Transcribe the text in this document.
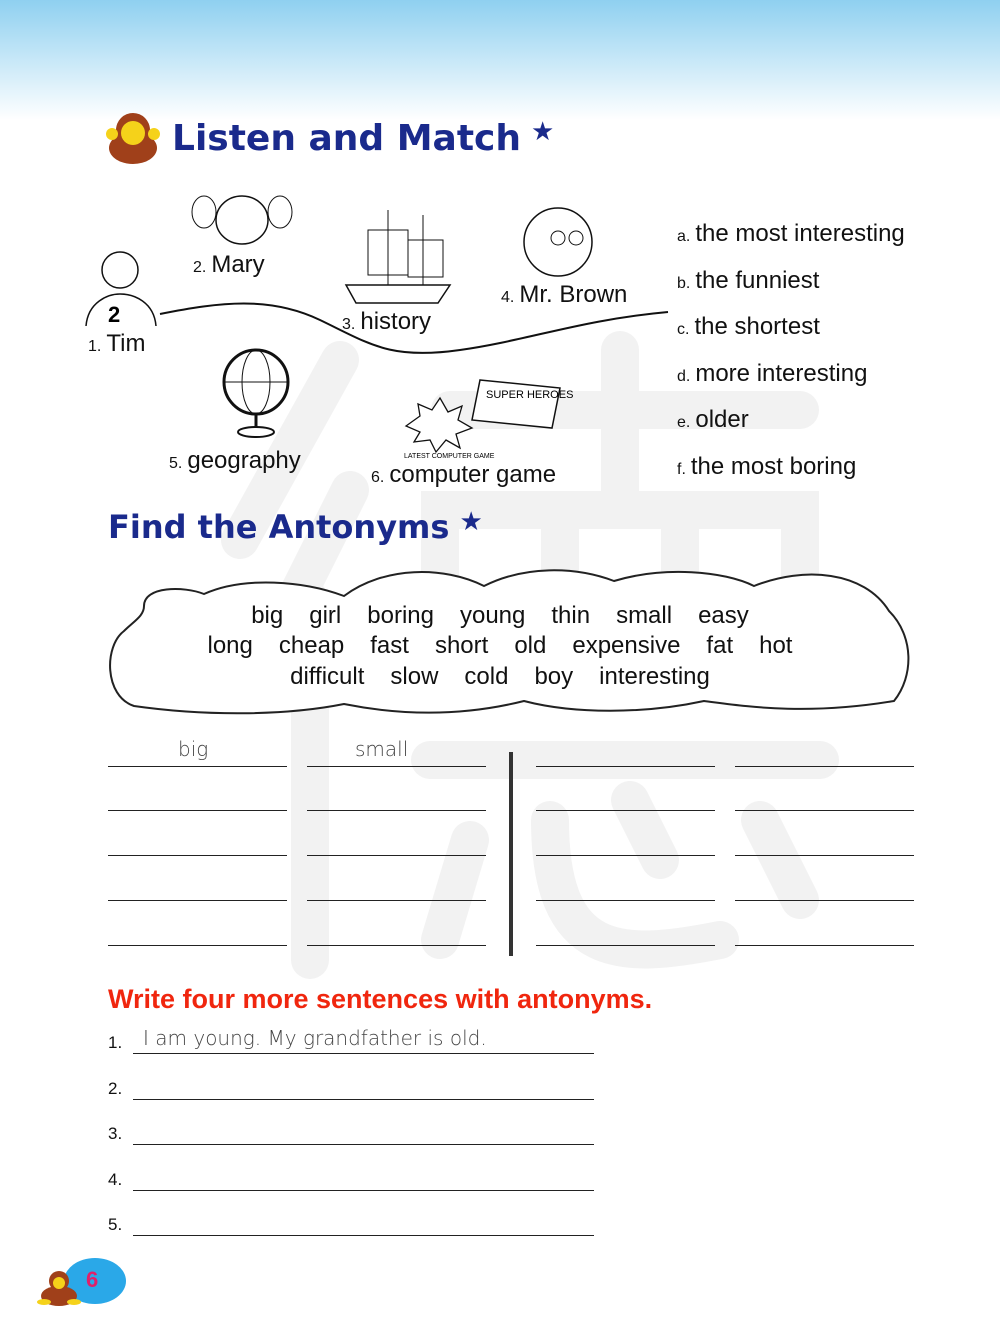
Listen and Match ★
2
SUPER HEROES
LATEST COMPUTER GAME
1. Tim
2. Mary
3. history
4. Mr. Brown
5. geography
6. computer game
a. the most interesting
b. the funniest
c. the shortest
d. more interesting
e. older
f. the most boring
Find the Antonyms ★
big girl boring young thin small easy
long cheap fast short old expensive fat hot
difficult slow cold boy interesting
big	small
Write four more sentences with antonyms.
1. I am young. My grandfather is old.
2.
3.
4.
5.
6
